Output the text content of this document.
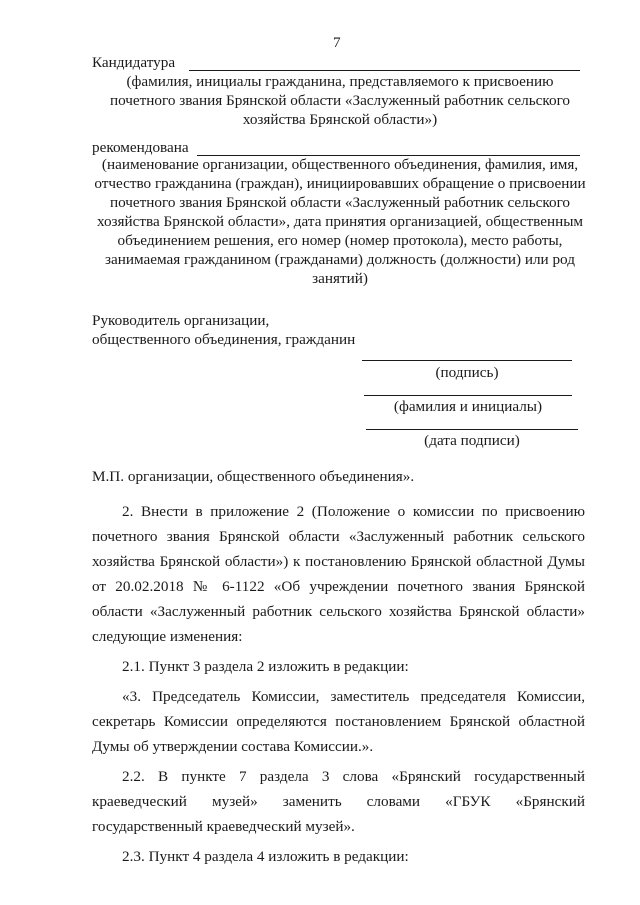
7
Кандидатура
(фамилия, инициалы гражданина, представляемого к присвоению
почетного звания Брянской области «Заслуженный работник сельского
хозяйства Брянской области»)
рекомендована
(наименование организации, общественного объединения, фамилия, имя,
отчество гражданина (граждан), инициировавших обращение о присвоении
почетного звания Брянской области «Заслуженный работник сельского
хозяйства Брянской области», дата принятия организацией, общественным
объединением решения, его номер (номер протокола), место работы,
занимаемая гражданином (гражданами) должность (должности) или род
занятий)
Руководитель организации,
общественного объединения, гражданин
(подпись)
(фамилия и инициалы)
(дата подписи)
М.П. организации, общественного объединения».
2. Внести в приложение 2 (Положение о комиссии по присвоению
почетного звания Брянской области «Заслуженный работник сельского
хозяйства Брянской области») к постановлению Брянской областной Думы
от 20.02.2018 № 6-1122 «Об учреждении почетного звания Брянской
области «Заслуженный работник сельского хозяйства Брянской области»
следующие изменения:
2.1. Пункт 3 раздела 2 изложить в редакции:
«3. Председатель Комиссии, заместитель председателя Комиссии,
секретарь Комиссии определяются постановлением Брянской областной
Думы об утверждении состава Комиссии.».
2.2. В пункте 7 раздела 3 слова «Брянский государственный
краеведческий музей» заменить словами «ГБУК «Брянский
государственный краеведческий музей».
2.3. Пункт 4 раздела 4 изложить в редакции:
